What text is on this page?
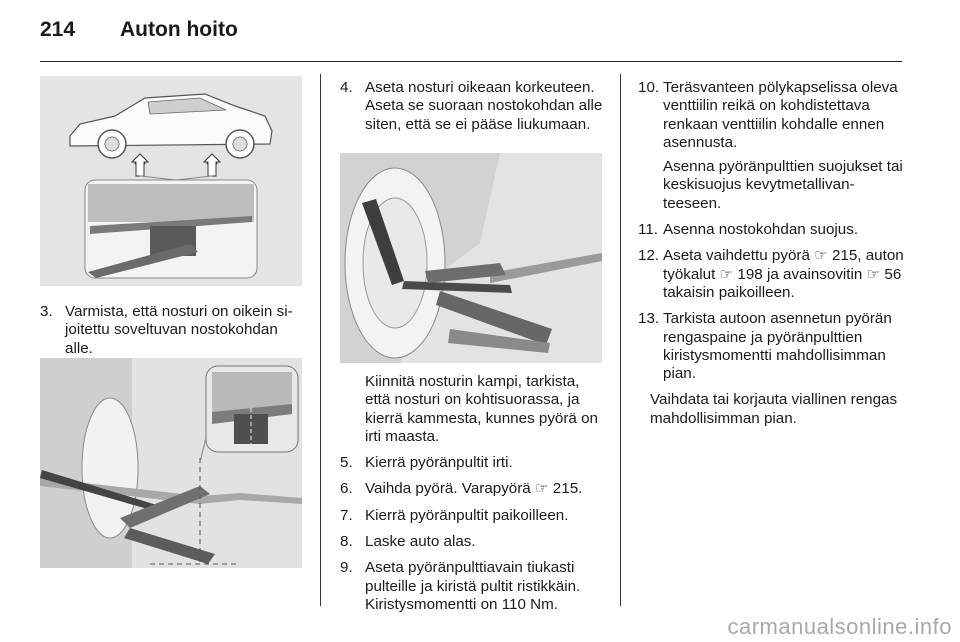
214 Auton hoito
3. Varmista, että nosturi on oikein sijoitettu soveltuvan nostokohdan alle.
4. Aseta nosturi oikeaan korkeuteen. Aseta se suoraan nostokohdan alle siten, että se ei pääse liukumaan.
Kiinnitä nosturin kampi, tarkista, että nosturi on kohtisuorassa, ja kierrä kammesta, kunnes pyörä on irti maasta.
5. Kierrä pyöränpultit irti.
6. Vaihda pyörä. Varapyörä ☞ 215.
7. Kierrä pyöränpultit paikoilleen.
8. Laske auto alas.
9. Aseta pyöränpulttiavain tiukasti pulteille ja kiristä pultit ristikkäin. Kiristysmomentti on 110 Nm.
10. Teräsvanteen pölykapselissa oleva venttiilin reikä on kohdistettava renkaan venttiilin kohdalle ennen asennusta.
Asenna pyöränpulttien suojukset tai keskisuojus kevytmetallivanteeseen.
11. Asenna nostokohdan suojus.
12. Aseta vaihdettu pyörä ☞ 215, auton työkalut ☞ 198 ja avainsovitin ☞ 56 takaisin paikoilleen.
13. Tarkista autoon asennetun pyörän rengaspaine ja pyöränpulttien kiristysmomentti mahdollisimman pian.
Vaihdata tai korjauta viallinen rengas mahdollisimman pian.
carmanualsonline.info
